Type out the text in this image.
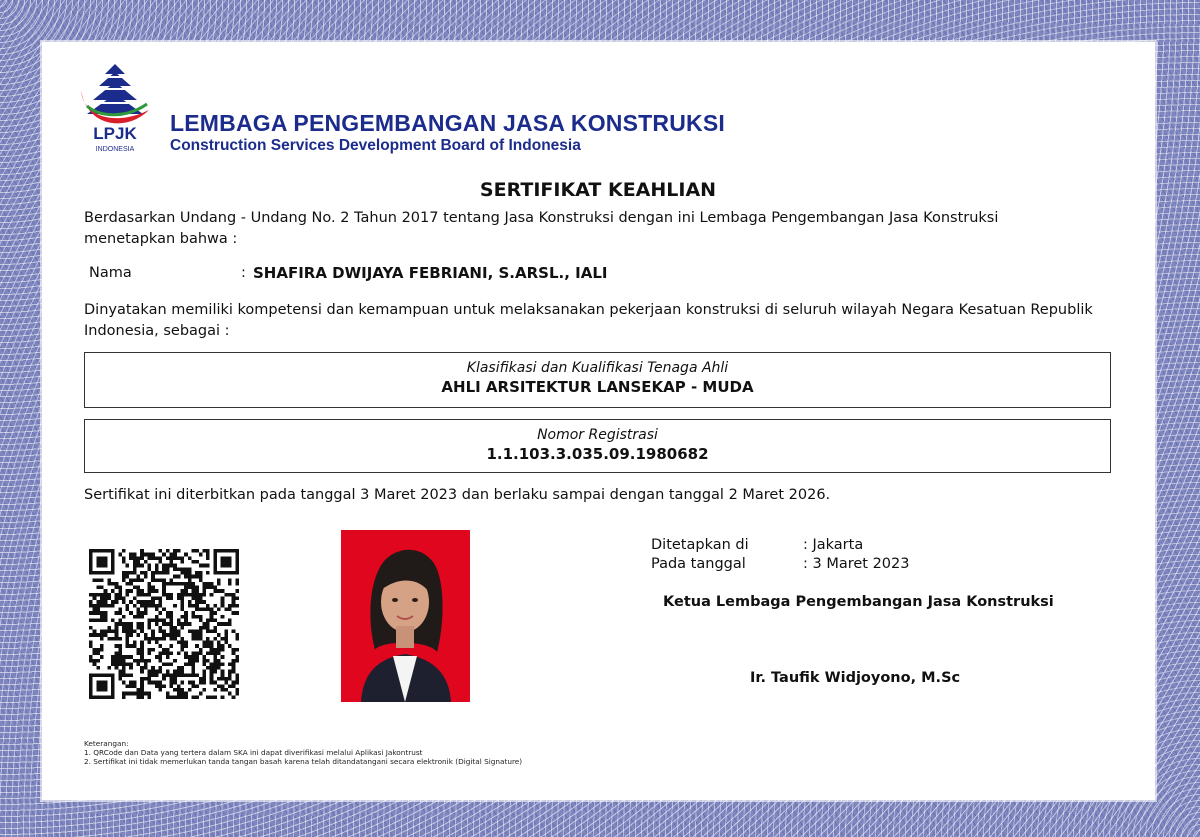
LPJK
INDONESIA
LEMBAGA PENGEMBANGAN JASA KONSTRUKSI
Construction Services Development Board of Indonesia
SERTIFIKAT KEAHLIAN
Berdasarkan Undang - Undang No. 2 Tahun 2017 tentang Jasa Konstruksi dengan ini Lembaga Pengembangan Jasa Konstruksi menetapkan bahwa :
Nama	: SHAFIRA DWIJAYA FEBRIANI, S.ARSL., IALI
Dinyatakan memiliki kompetensi dan kemampuan untuk melaksanakan pekerjaan konstruksi di seluruh wilayah Negara Kesatuan Republik Indonesia, sebagai :
Klasifikasi dan Kualifikasi Tenaga Ahli
AHLI ARSITEKTUR LANSEKAP - MUDA
Nomor Registrasi
1.1.103.3.035.09.1980682
Sertifikat ini diterbitkan pada tanggal 3 Maret 2023 dan berlaku sampai dengan tanggal 2 Maret 2026.
Ditetapkan di	: Jakarta
Pada tanggal	: 3 Maret 2023
Ketua Lembaga Pengembangan Jasa Konstruksi
Ir. Taufik Widjoyono, M.Sc
Keterangan:
1. QRCode dan Data yang tertera dalam SKA ini dapat diverifikasi melalui Aplikasi Jakontrust
2. Sertifikat ini tidak memerlukan tanda tangan basah karena telah ditandatangani secara elektronik (Digital Signature)
